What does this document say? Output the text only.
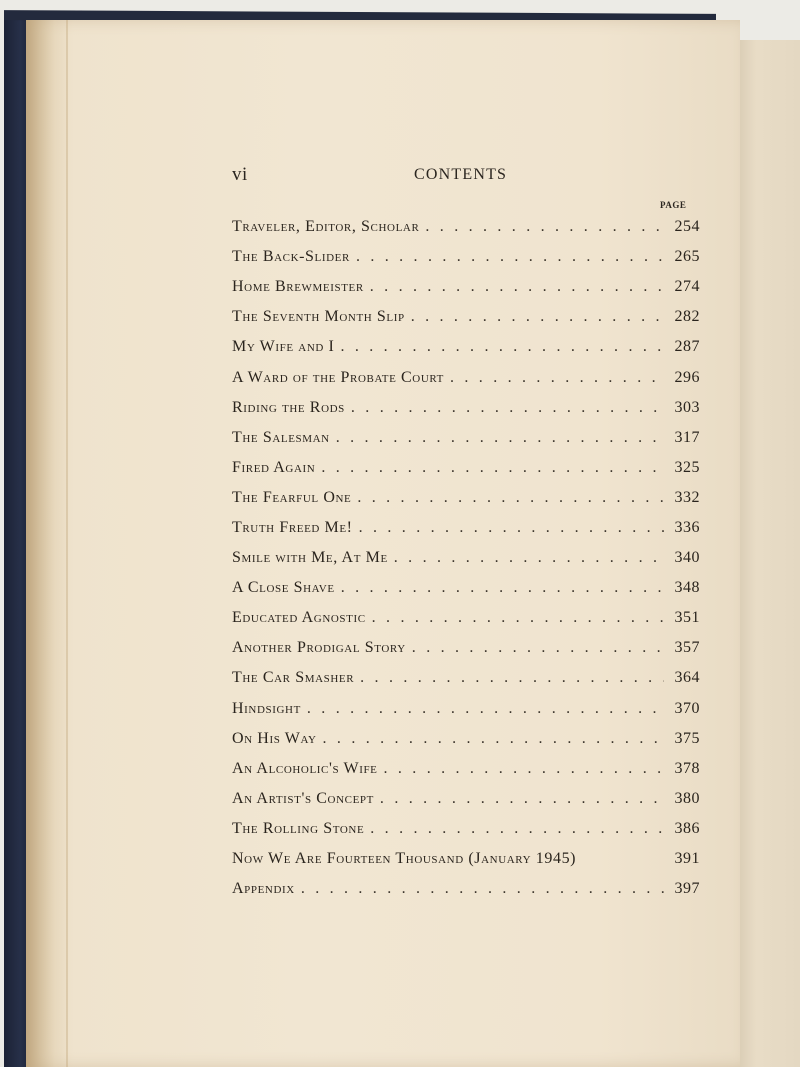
vi	CONTENTS
PAGE
Traveler, Editor, Scholar . . .	254
The Back-Slider . . .	265
Home Brewmeister . . .	274
The Seventh Month Slip . . .	282
My Wife and I . . .	287
A Ward of the Probate Court . . .	296
Riding the Rods . . .	303
The Salesman . . .	317
Fired Again . . .	325
The Fearful One . . .	332
Truth Freed Me! . . .	336
Smile with Me, At Me . . .	340
A Close Shave . . .	348
Educated Agnostic . . .	351
Another Prodigal Story . . .	357
The Car Smasher . . .	364
Hindsight . . .	370
On His Way . . .	375
An Alcoholic's Wife . . .	378
An Artist's Concept . . .	380
The Rolling Stone . . .	386
Now We Are Fourteen Thousand (January 1945)	391
Appendix . . .	397
